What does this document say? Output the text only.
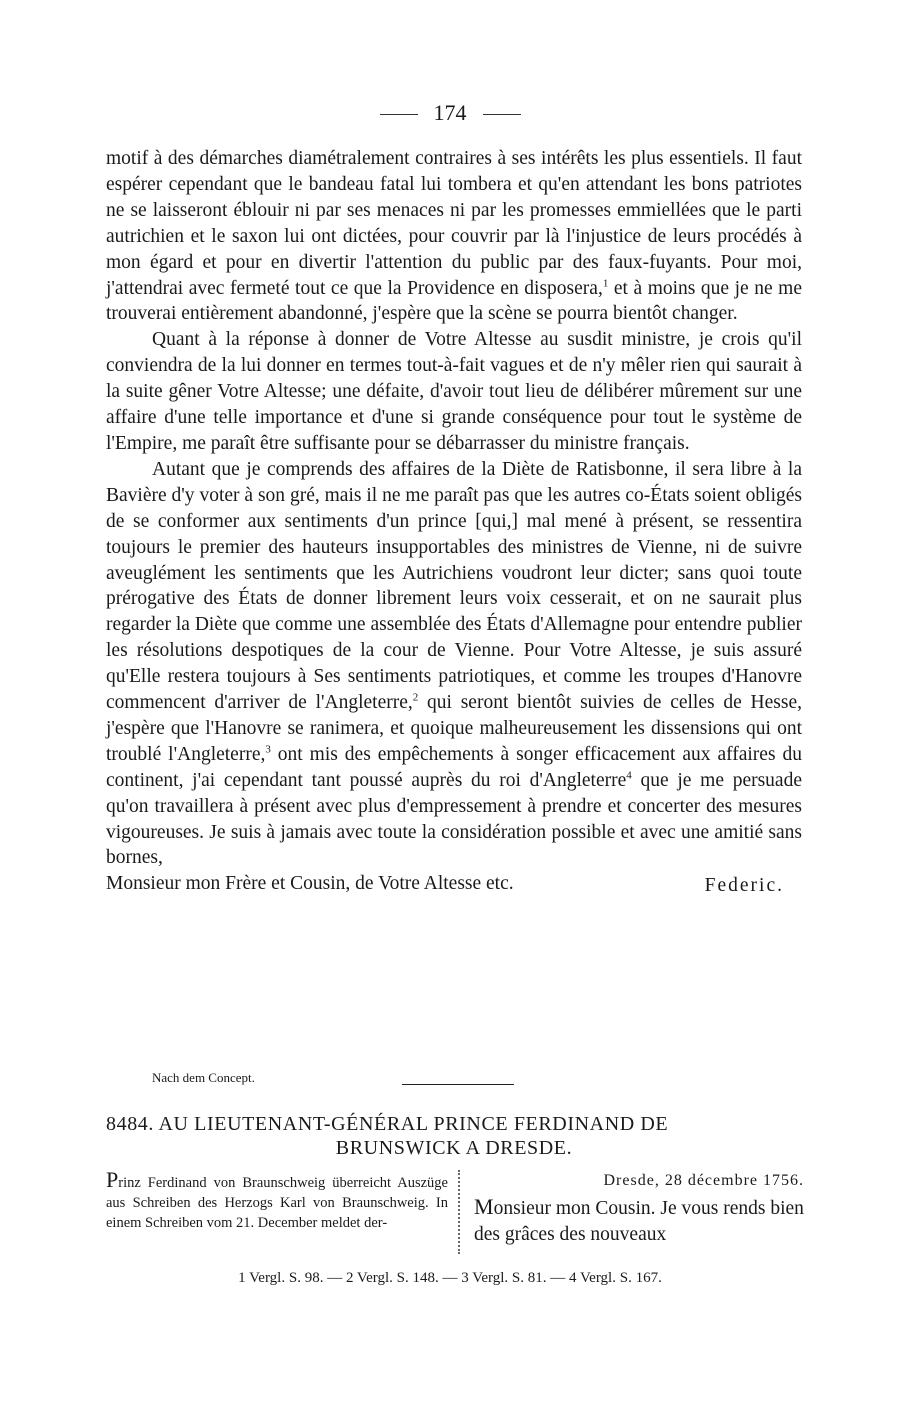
174

motif à des démarches diamétralement contraires à ses intérêts les plus essentiels. Il faut espérer cependant que le bandeau fatal lui tombera et qu'en attendant les bons patriotes ne se laisseront éblouir ni par ses menaces ni par les promesses emmiellées que le parti autrichien et le saxon lui ont dictées, pour couvrir par là l'injustice de leurs procédés à mon égard et pour en divertir l'attention du public par des faux-fuyants. Pour moi, j'attendrai avec fermeté tout ce que la Providence en disposera,$^1$ et à moins que je ne me trouverai entièrement abandonné, j'espère que la scène se pourra bientôt changer.

Quant à la réponse à donner de Votre Altesse au susdit ministre, je crois qu'il conviendra de la lui donner en termes tout-à-fait vagues et de n'y mêler rien qui saurait à la suite gêner Votre Altesse; une défaite, d'avoir tout lieu de délibérer mûrement sur une affaire d'une telle importance et d'une si grande conséquence pour tout le système de l'Empire, me paraît être suffisante pour se débarrasser du ministre français.

Autant que je comprends des affaires de la Diète de Ratisbonne, il sera libre à la Bavière d'y voter à son gré, mais il ne me paraît pas que les autres co-États soient obligés de se conformer aux sentiments d'un prince [qui,] mal mené à présent, se ressentira toujours le premier des hauteurs insupportables des ministres de Vienne, ni de suivre aveuglément les sentiments que les Autrichiens voudront leur dicter; sans quoi toute prérogative des États de donner librement leurs voix cesserait, et on ne saurait plus regarder la Diète que comme une assemblée des États d'Allemagne pour entendre publier les résolutions despotiques de la cour de Vienne. Pour Votre Altesse, je suis assuré qu'Elle restera toujours à Ses sentiments patriotiques, et comme les troupes d'Hanovre commencent d'arriver de l'Angleterre,$^2$ qui seront bientôt suivies de celles de Hesse, j'espère que l'Hanovre se ranimera, et quoique malheureusement les dissensions qui ont troublé l'Angleterre,$^3$ ont mis des empêchements à songer efficacement aux affaires du continent, j'ai cependant tant poussé auprès du roi d'Angleterre$^4$ que je me persuade qu'on travaillera à présent avec plus d'empressement à prendre et concerter des mesures vigoureuses. Je suis à jamais avec toute la considération possible et avec une amitié sans bornes,

Monsieur mon Frère et Cousin, de Votre Altesse etc.	Federic.
Nach dem Concept.
8484. AU LIEUTENANT-GÉNÉRAL PRINCE FERDINAND DE
BRUNSWICK A DRESDE.
Prinz Ferdinand von Braunschweig überreicht Auszüge aus Schreiben des Herzogs Karl von Braunschweig. In einem Schreiben vom 21. December meldet der-
Dresde, 28 décembre 1756.
Monsieur mon Cousin. Je vous rends bien des grâces des nouveaux
1 Vergl. S. 98. — 2 Vergl. S. 148. — 3 Vergl. S. 81. — 4 Vergl. S. 167.
